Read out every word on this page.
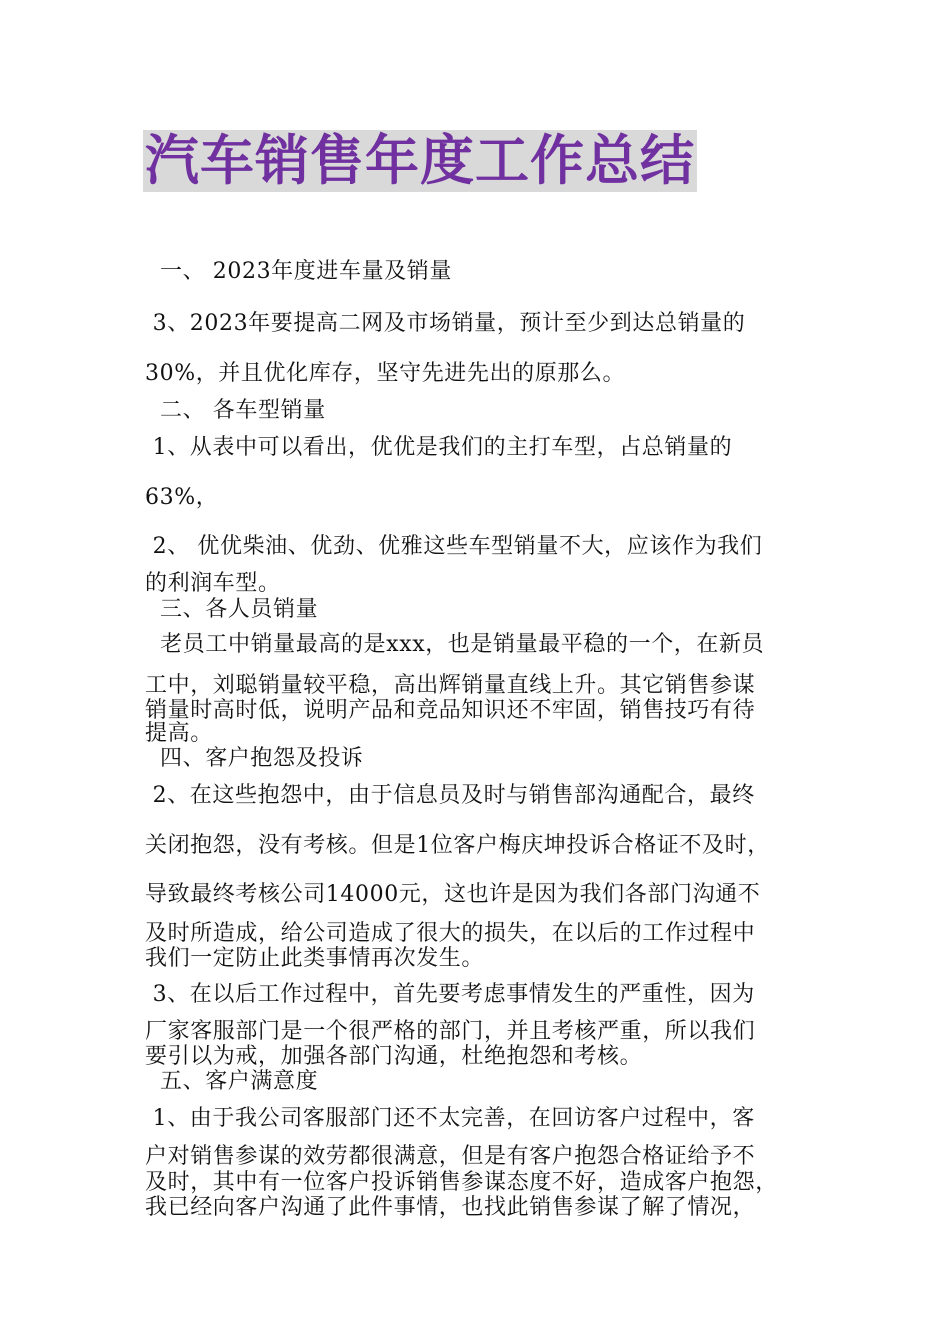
汽车销售年度工作总结
一、 2023年度进车量及销量
3、2023年要提高二网及市场销量，预计至少到达总销量的
30%，并且优化库存，坚守先进先出的原那么。
二、 各车型销量
1、从表中可以看出，优优是我们的主打车型，占总销量的
63%，
2、 优优柴油、优劲、优雅这些车型销量不大，应该作为我们
的利润车型。
三、各人员销量
老员工中销量最高的是xxx，也是销量最平稳的一个，在新员
工中，刘聪销量较平稳，高出辉销量直线上升。其它销售参谋
销量时高时低，说明产品和竞品知识还不牢固，销售技巧有待
提高。
四、客户抱怨及投诉
2、在这些抱怨中，由于信息员及时与销售部沟通配合，最终
关闭抱怨，没有考核。但是1位客户梅庆坤投诉合格证不及时，
导致最终考核公司14000元，这也许是因为我们各部门沟通不
及时所造成，给公司造成了很大的损失，在以后的工作过程中
我们一定防止此类事情再次发生。
3、在以后工作过程中，首先要考虑事情发生的严重性，因为
厂家客服部门是一个很严格的部门，并且考核严重，所以我们
要引以为戒，加强各部门沟通，杜绝抱怨和考核。
五、客户满意度
1、由于我公司客服部门还不太完善，在回访客户过程中，客
户对销售参谋的效劳都很满意，但是有客户抱怨合格证给予不
及时，其中有一位客户投诉销售参谋态度不好，造成客户抱怨，
我已经向客户沟通了此件事情，也找此销售参谋了解了情况，
